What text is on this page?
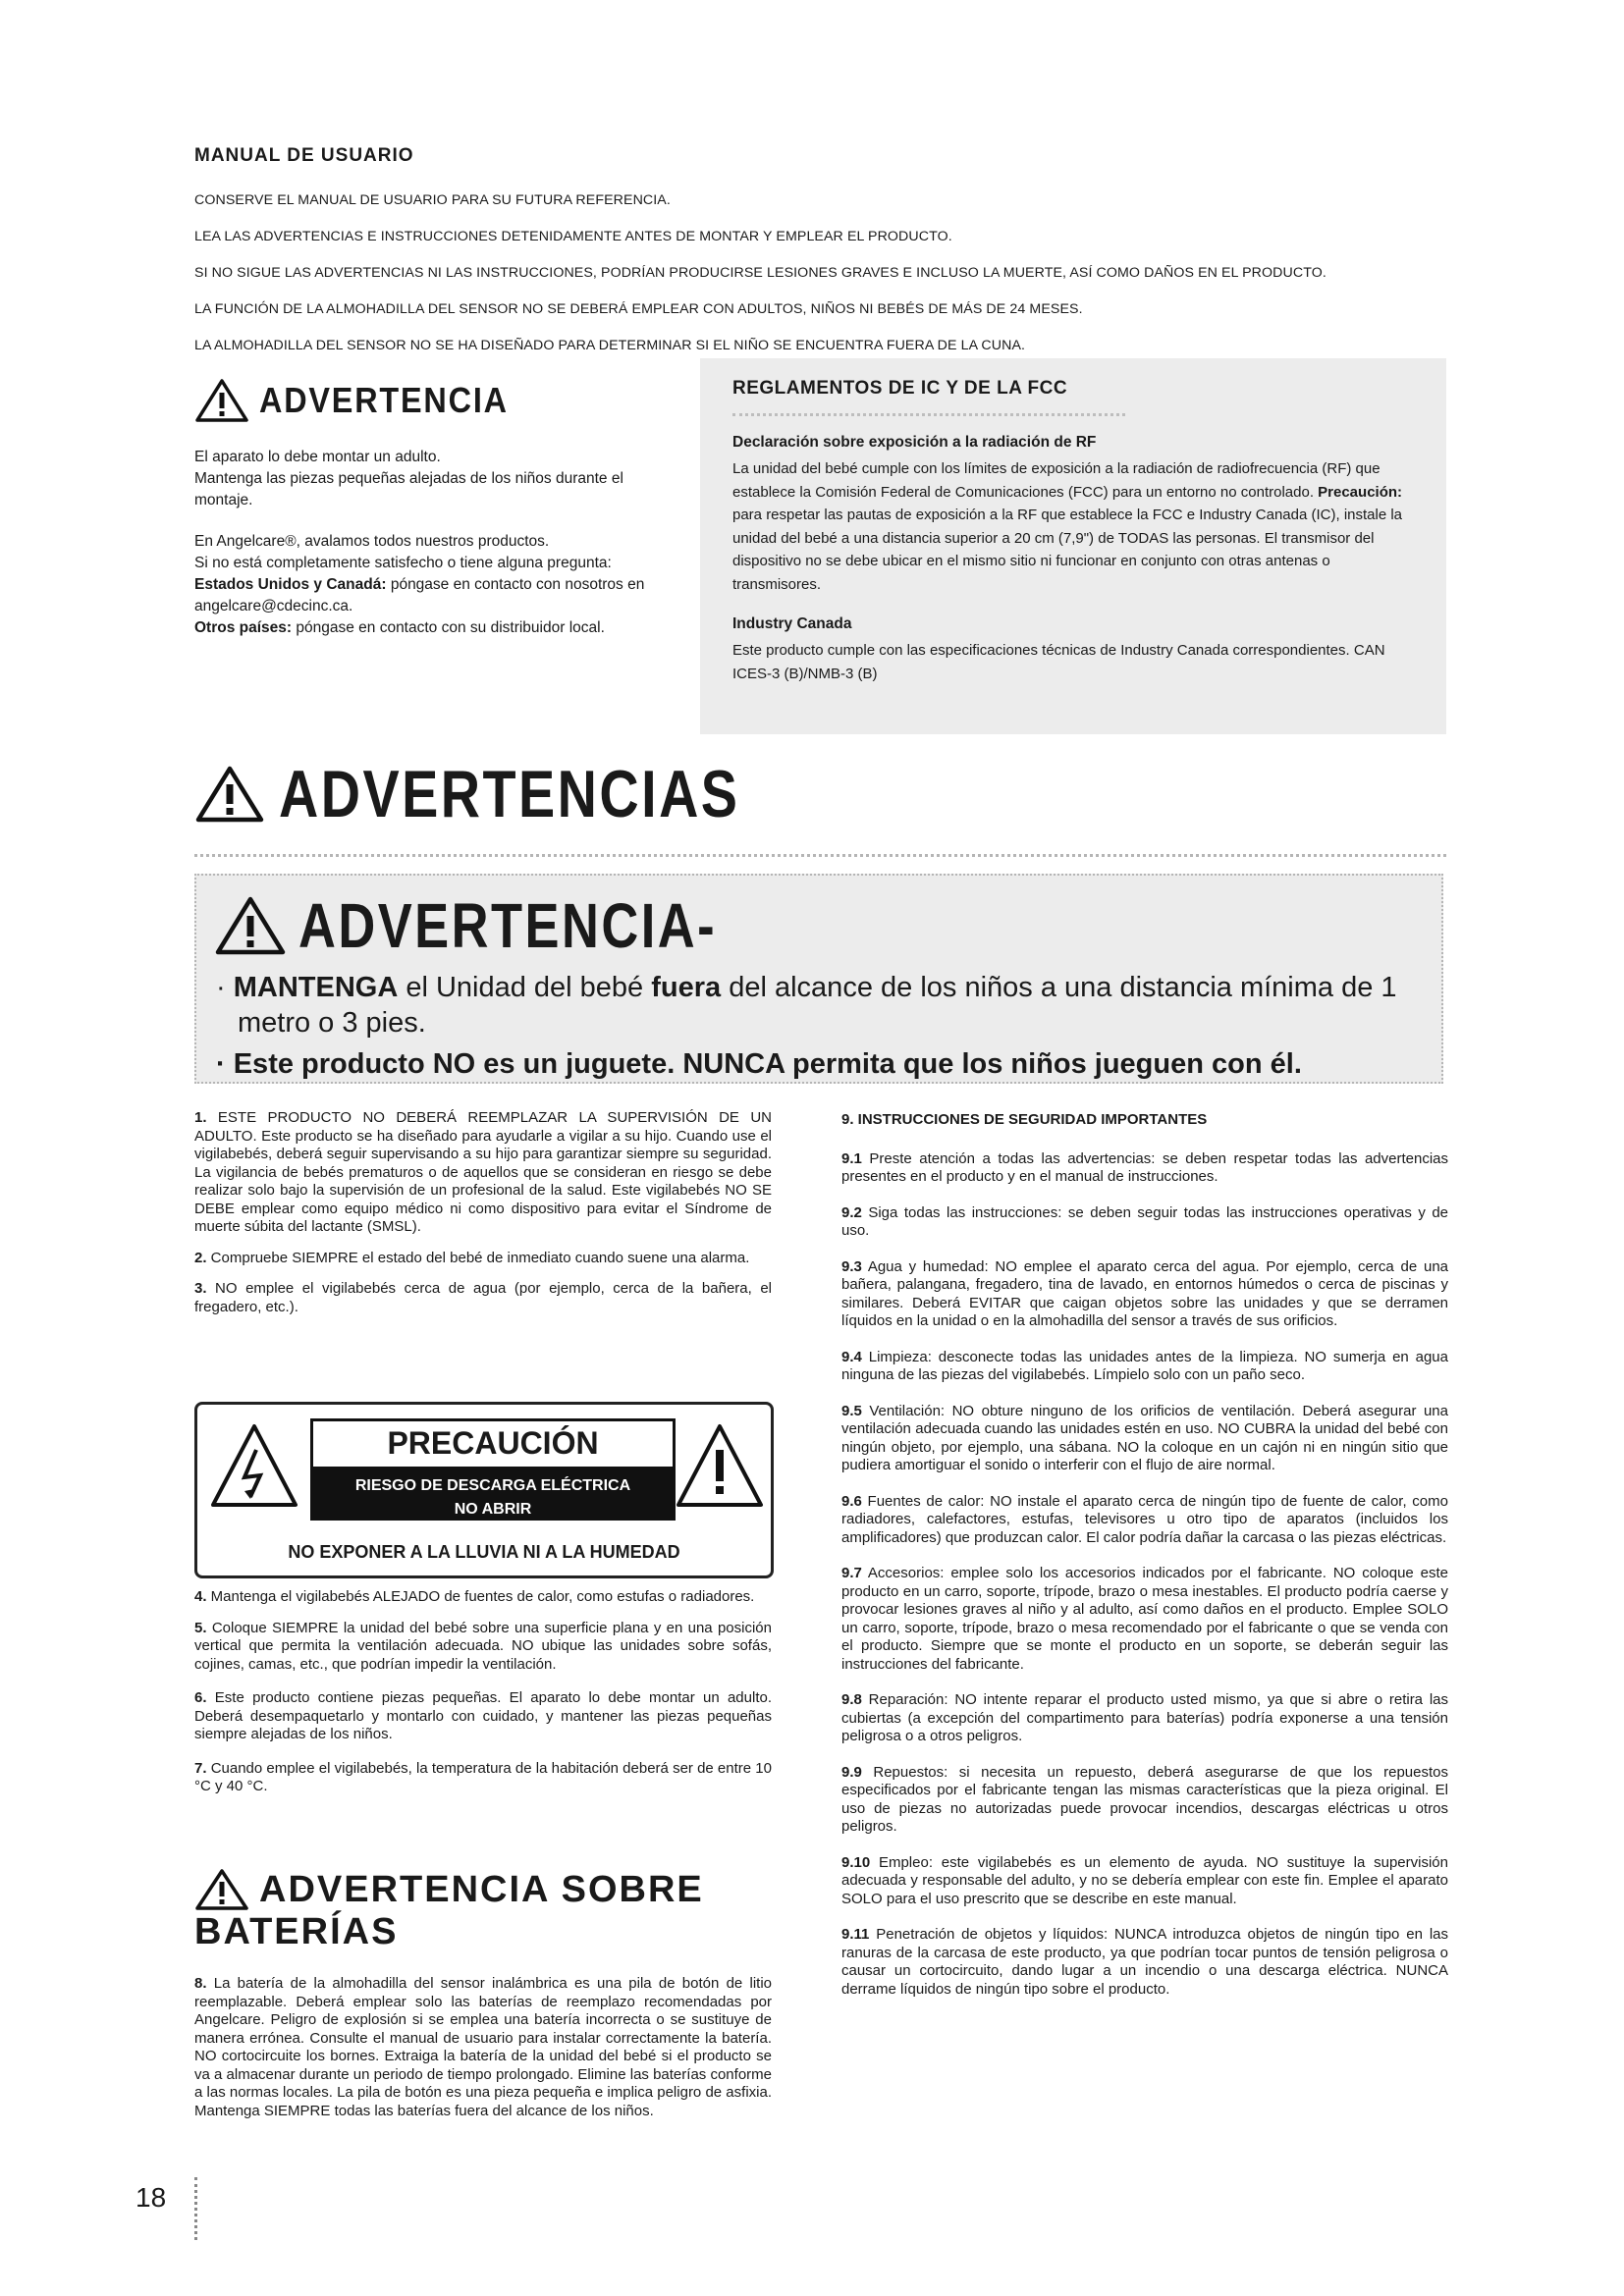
MANUAL DE USUARIO
CONSERVE EL MANUAL DE USUARIO PARA SU FUTURA REFERENCIA.
LEA LAS ADVERTENCIAS E INSTRUCCIONES DETENIDAMENTE ANTES DE MONTAR Y EMPLEAR EL PRODUCTO.
SI NO SIGUE LAS ADVERTENCIAS NI LAS INSTRUCCIONES, PODRÍAN PRODUCIRSE LESIONES GRAVES E INCLUSO LA MUERTE, ASÍ COMO DAÑOS EN EL PRODUCTO.
LA FUNCIÓN DE LA ALMOHADILLA DEL SENSOR NO SE DEBERÁ EMPLEAR CON ADULTOS, NIÑOS NI BEBÉS DE MÁS DE 24 MESES.
LA ALMOHADILLA DEL SENSOR NO SE HA DISEÑADO PARA DETERMINAR SI EL NIÑO SE ENCUENTRA FUERA DE LA CUNA.
ADVERTENCIA

El aparato lo debe montar un adulto.
Mantenga las piezas pequeñas alejadas de los niños durante el montaje.

En Angelcare®, avalamos todos nuestros productos.
Si no está completamente satisfecho o tiene alguna pregunta:

Estados Unidos y Canadá: póngase en contacto con nosotros en angelcare@cdecinc.ca.
Otros países: póngase en contacto con su distribuidor local.
REGLAMENTOS DE IC Y DE LA FCC
Declaración sobre exposición a la radiación de RF
La unidad del bebé cumple con los límites de exposición a la radiación de radiofrecuencia (RF) que establece la Comisión Federal de Comunicaciones (FCC) para un entorno no controlado. Precaución: para respetar las pautas de exposición a la RF que establece la FCC e Industry Canada (IC), instale la unidad del bebé a una distancia superior a 20 cm (7,9") de TODAS las personas. El transmisor del dispositivo no se debe ubicar en el mismo sitio ni funcionar en conjunto con otras antenas o transmisores.
Industry Canada
Este producto cumple con las especificaciones técnicas de Industry Canada correspondientes. CAN ICES-3 (B)/NMB-3 (B)
ADVERTENCIAS
ADVERTENCIA-
· MANTENGA el Unidad del bebé fuera del alcance de los niños a una distancia mínima de 1 metro o 3 pies.
· Este producto NO es un juguete. NUNCA permita que los niños jueguen con él.

1. ESTE PRODUCTO NO DEBERÁ REEMPLAZAR LA SUPERVISIÓN DE UN ADULTO. Este producto se ha diseñado para ayudarle a vigilar a su hijo. Cuando use el vigilabebés, deberá seguir supervisando a su hijo para garantizar siempre su seguridad. La vigilancia de bebés prematuros o de aquellos que se consideran en riesgo se debe realizar solo bajo la supervisión de un profesional de la salud. Este vigilabebés NO SE DEBE emplear como equipo médico ni como dispositivo para evitar el Síndrome de muerte súbita del lactante (SMSL).

2. Compruebe SIEMPRE el estado del bebé de inmediato cuando suene una alarma.

3. NO emplee el vigilabebés cerca de agua (por ejemplo, cerca de la bañera, el fregadero, etc.).

PRECAUCIÓN
RIESGO DE DESCARGA ELÉCTRICA
NO ABRIR
NO EXPONER A LA LLUVIA NI A LA HUMEDAD

4. Mantenga el vigilabebés ALEJADO de fuentes de calor, como estufas o radiadores.

5. Coloque SIEMPRE la unidad del bebé sobre una superficie plana y en una posición vertical que permita la ventilación adecuada. NO ubique las unidades sobre sofás, cojines, camas, etc., que podrían impedir la ventilación.

6. Este producto contiene piezas pequeñas. El aparato lo debe montar un adulto. Deberá desempaquetarlo y montarlo con cuidado, y mantener las piezas pequeñas siempre alejadas de los niños.

7. Cuando emplee el vigilabebés, la temperatura de la habitación deberá ser de entre 10 °C y 40 °C.

ADVERTENCIA SOBRE
BATERÍAS

8. La batería de la almohadilla del sensor inalámbrica es una pila de botón de litio reemplazable. Deberá emplear solo las baterías de reemplazo recomendadas por Angelcare. Peligro de explosión si se emplea una batería incorrecta o se sustituye de manera errónea. Consulte el manual de usuario para instalar correctamente la batería. NO cortocircuite los bornes. Extraiga la batería de la unidad del bebé si el producto se va a almacenar durante un periodo de tiempo prolongado. Elimine las baterías conforme a las normas locales. La pila de botón es una pieza pequeña e implica peligro de asfixia. Mantenga SIEMPRE todas las baterías fuera del alcance de los niños.

9. INSTRUCCIONES DE SEGURIDAD IMPORTANTES

9.1 Preste atención a todas las advertencias: se deben respetar todas las advertencias presentes en el producto y en el manual de instrucciones.

9.2 Siga todas las instrucciones: se deben seguir todas las instrucciones operativas y de uso.

9.3 Agua y humedad: NO emplee el aparato cerca del agua. Por ejemplo, cerca de una bañera, palangana, fregadero, tina de lavado, en entornos húmedos o cerca de piscinas y similares. Deberá EVITAR que caigan objetos sobre las unidades y que se derramen líquidos en la unidad o en la almohadilla del sensor a través de sus orificios.

9.4 Limpieza: desconecte todas las unidades antes de la limpieza. NO sumerja en agua ninguna de las piezas del vigilabebés. Límpielo solo con un paño seco.

9.5 Ventilación: NO obture ninguno de los orificios de ventilación. Deberá asegurar una ventilación adecuada cuando las unidades estén en uso. NO CUBRA la unidad del bebé con ningún objeto, por ejemplo, una sábana. NO la coloque en un cajón ni en ningún sitio que pudiera amortiguar el sonido o interferir con el flujo de aire normal.

9.6 Fuentes de calor: NO instale el aparato cerca de ningún tipo de fuente de calor, como radiadores, calefactores, estufas, televisores u otro tipo de aparatos (incluidos los amplificadores) que produzcan calor. El calor podría dañar la carcasa o las piezas eléctricas.

9.7 Accesorios: emplee solo los accesorios indicados por el fabricante. NO coloque este producto en un carro, soporte, trípode, brazo o mesa inestables. El producto podría caerse y provocar lesiones graves al niño y al adulto, así como daños en el producto. Emplee SOLO un carro, soporte, trípode, brazo o mesa recomendado por el fabricante o que se venda con el producto. Siempre que se monte el producto en un soporte, se deberán seguir las instrucciones del fabricante.

9.8 Reparación: NO intente reparar el producto usted mismo, ya que si abre o retira las cubiertas (a excepción del compartimento para baterías) podría exponerse a una tensión peligrosa o a otros peligros.

9.9 Repuestos: si necesita un repuesto, deberá asegurarse de que los repuestos especificados por el fabricante tengan las mismas características que la pieza original. El uso de piezas no autorizadas puede provocar incendios, descargas eléctricas u otros peligros.

9.10 Empleo: este vigilabebés es un elemento de ayuda. NO sustituye la supervisión adecuada y responsable del adulto, y no se debería emplear con este fin. Emplee el aparato SOLO para el uso prescrito que se describe en este manual.

9.11 Penetración de objetos y líquidos: NUNCA introduzca objetos de ningún tipo en las ranuras de la carcasa de este producto, ya que podrían tocar puntos de tensión peligrosa o causar un cortocircuito, dando lugar a un incendio o una descarga eléctrica. NUNCA derrame líquidos de ningún tipo sobre el producto.

18
